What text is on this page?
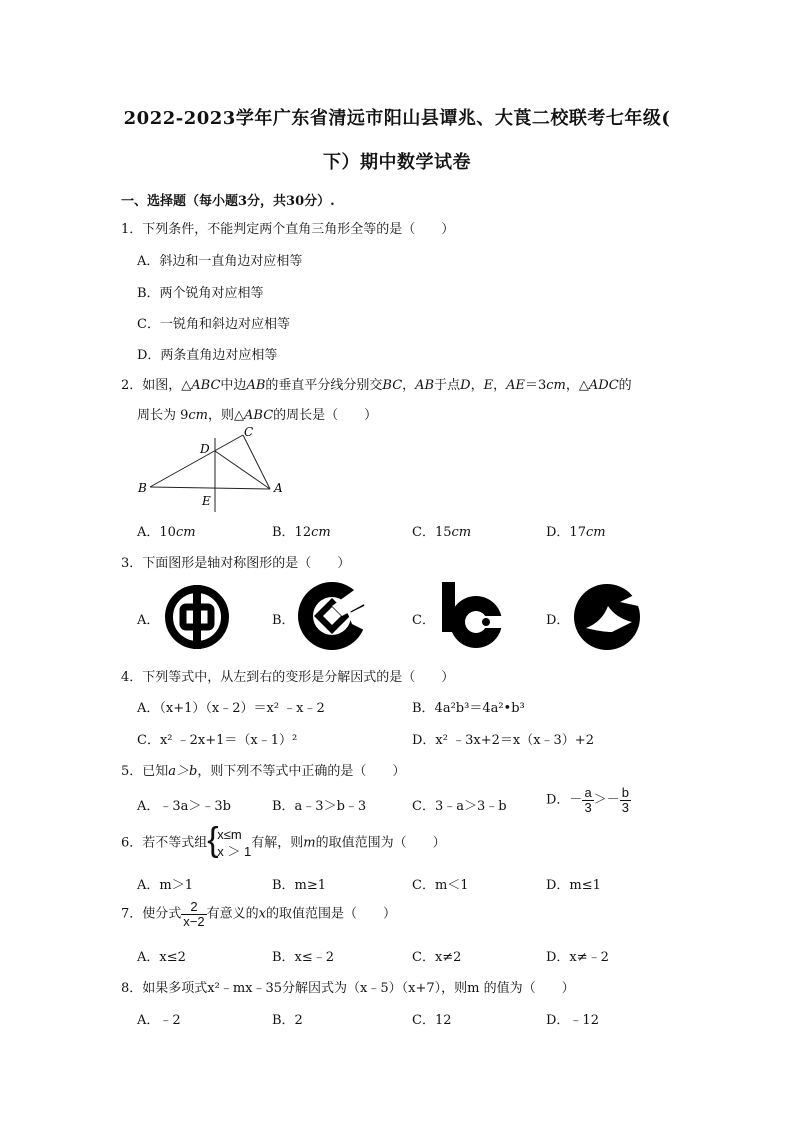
2022-2023学年广东省清远市阳山县谭兆、大莨二校联考七年级(
下）期中数学试卷
一、选择题（每小题3分，共30分）.
1．下列条件，不能判定两个直角三角形全等的是（　　）
A．斜边和一直角边对应相等
B．两个锐角对应相等
C．一锐角和斜边对应相等
D．两条直角边对应相等
2．如图，△ABC中边AB的垂直平分线分别交BC，AB于点D，E，AE＝3cm，△ADC的
周长为 9cm，则△ABC的周长是（　　）
B	A
C
D
E
A．10cm	B．12cm	C．15cm	D．17cm
3．下面图形是轴对称图形的是（　　）
A．	B．	C．	D．
4．下列等式中，从左到右的变形是分解因式的是（　　）
A．（x+1）（x﹣2）＝x² ﹣x﹣2	B．4a²b³＝4a²•b³
C．x² ﹣2x+1＝（x﹣1）²	D．x² ﹣3x+2＝x（x﹣3）+2
5．已知a＞b，则下列不等式中正确的是（　　）
A．﹣3a＞﹣3b	B．a﹣3＞b﹣3	C．3﹣a＞3﹣b	D．－ $\frac{a}{3} >- \frac{b}{3}$
6．若不等式组 {
x≤m
x ＞ 1
有解，则m的取值范围为（　　）
A．m＞1	B．m≥1	C．m＜1	D．m≤1
7．使分式 $\frac{2}{x-2}$ 有意义的x的取值范围是（　　）
A．x≤2	B．x≤﹣2	C．x≠2	D．x≠﹣2
8．如果多项式x²﹣mx﹣35分解因式为（x﹣5）（x+7），则m 的值为（　　）
A．﹣2	B．2	C．12	D．﹣12
